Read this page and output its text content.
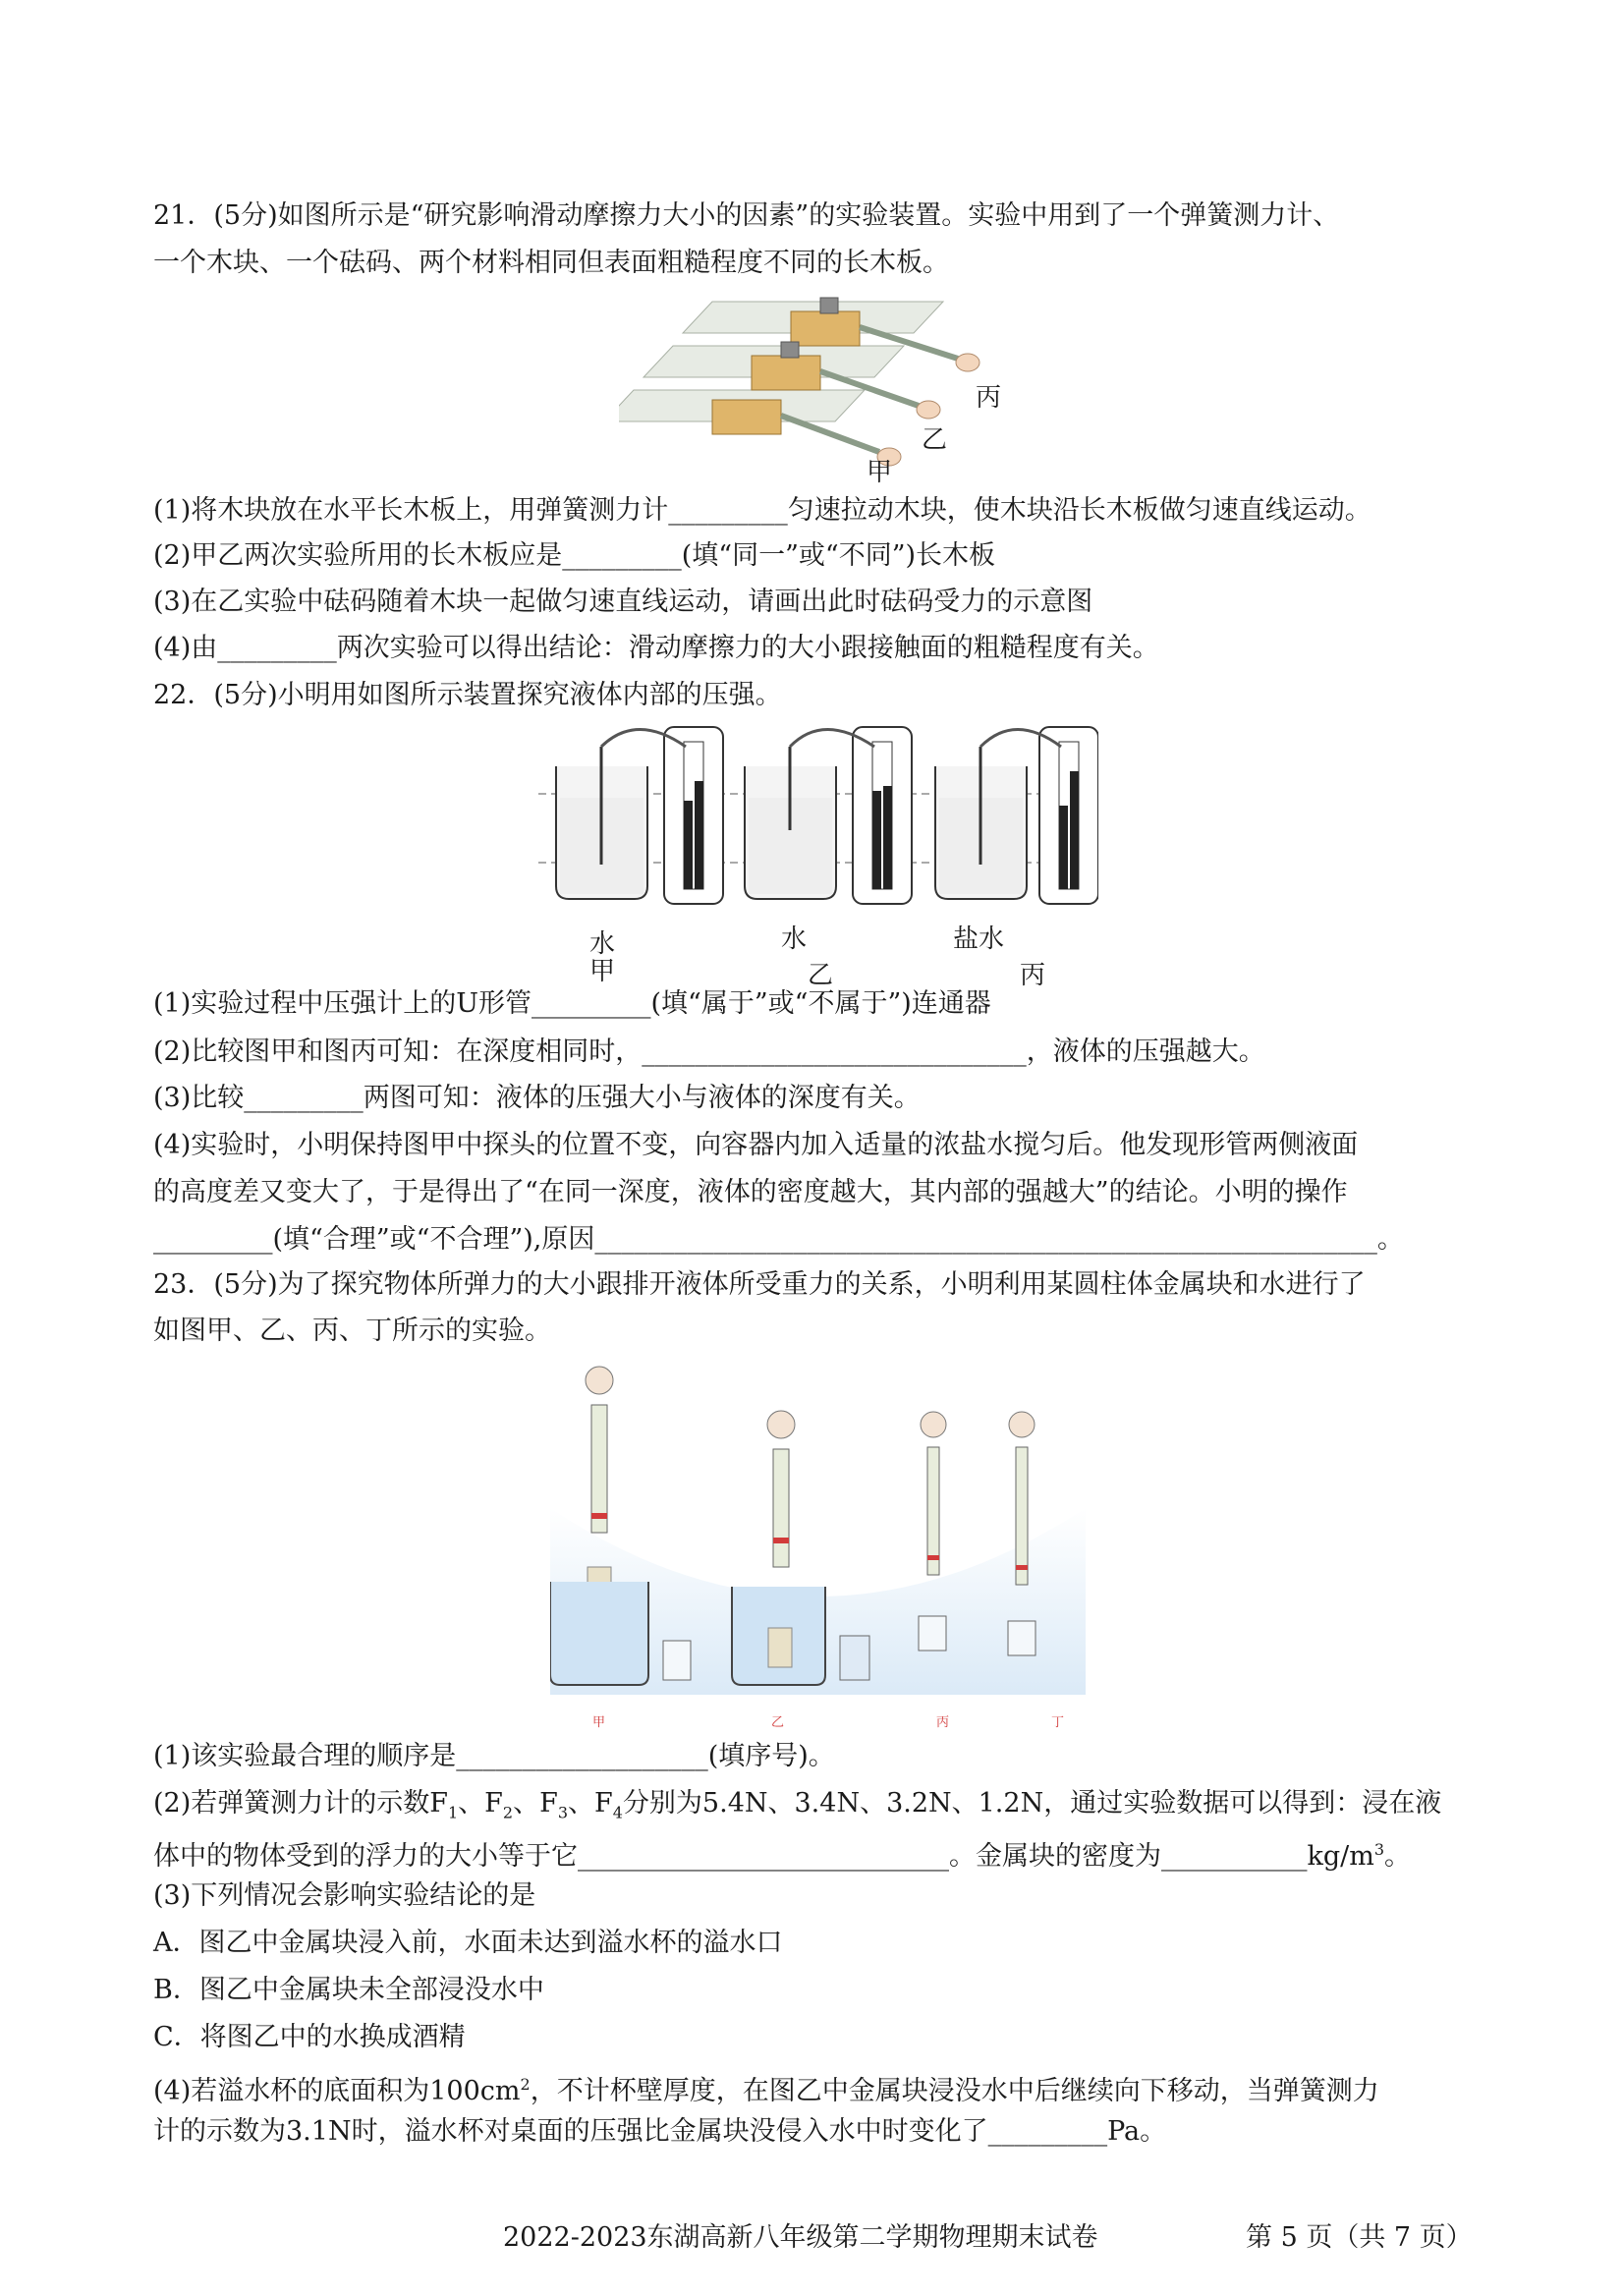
21．(5分)如图所示是“研究影响滑动摩擦力大小的因素”的实验装置。实验中用到了一个弹簧测力计、
一个木块、一个砝码、两个材料相同但表面粗糙程度不同的长木板。
丙
乙
甲
(1)将木块放在水平长木板上，用弹簧测力计_________匀速拉动木块，使木块沿长木板做匀速直线运动。
(2)甲乙两次实验所用的长木板应是_________(填“同一”或“不同”)长木板
(3)在乙实验中砝码随着木块一起做匀速直线运动，请画出此时砝码受力的示意图
(4)由_________两次实验可以得出结论：滑动摩擦力的大小跟接触面的粗糙程度有关。
22．(5分)小明用如图所示装置探究液体内部的压强。
水	水	盐水
甲	乙	丙
(1)实验过程中压强计上的U形管_________(填“属于”或“不属于”)连通器
(2)比较图甲和图丙可知：在深度相同时，_____________________________，液体的压强越大。
(3)比较_________两图可知：液体的压强大小与液体的深度有关。
(4)实验时，小明保持图甲中探头的位置不变，向容器内加入适量的浓盐水搅匀后。他发现形管两侧液面
的高度差又变大了，于是得出了“在同一深度，液体的密度越大，其内部的强越大”的结论。小明的操作
_________(填“合理”或“不合理”),原因___________________________________________________________。
23．(5分)为了探究物体所弹力的大小跟排开液体所受重力的关系，小明利用某圆柱体金属块和水进行了
如图甲、乙、丙、丁所示的实验。
甲	乙	丙	丁
(1)该实验最合理的顺序是___________________(填序号)。
(2)若弹簧测力计的示数$F_1$、$F_2$、$F_3$、$F_4$分别为5.4N、3.4N、3.2N、1.2N，通过实验数据可以得到：浸在液
体中的物体受到的浮力的大小等于它____________________________。金属块的密度为$\_\_\_\_\_\_\_\_\_\_\_kg/m^3$。
(3)下列情况会影响实验结论的是
A．图乙中金属块浸入前，水面未达到溢水杯的溢水口
B．图乙中金属块未全部浸没水中
C．将图乙中的水换成酒精
(4)若溢水杯的底面积为$100cm^2$，不计杯壁厚度，在图乙中金属块浸没水中后继续向下移动，当弹簧测力
计的示数为3.1N时，溢水杯对桌面的压强比金属块没侵入水中时变化了_________Pa。
2022-2023东湖高新八年级第二学期物理期末试卷	第 5 页（共 7 页）
